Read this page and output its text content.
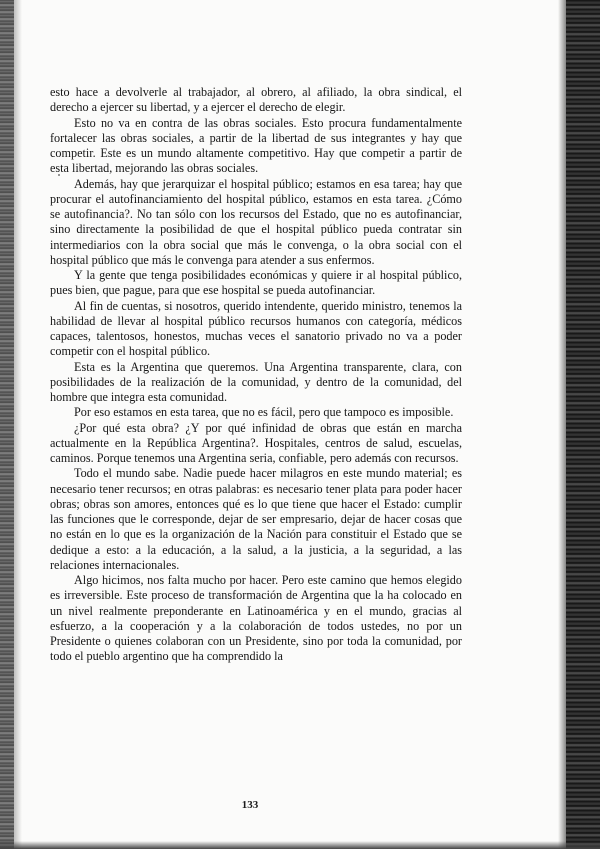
esto hace a devolverle al trabajador, al obrero, al afiliado, la obra sindical, el derecho a ejercer su libertad, y a ejercer el derecho de elegir.

Esto no va en contra de las obras sociales. Esto procura fundamentalmente fortalecer las obras sociales, a partir de la libertad de sus integrantes y hay que competir. Este es un mundo altamente competitivo. Hay que competir a partir de esta libertad, mejorando las obras sociales.

Además, hay que jerarquizar el hospital público; estamos en esa tarea; hay que procurar el autofinanciamiento del hospital público, estamos en esta tarea. ¿Cómo se autofinancia?. No tan sólo con los recursos del Estado, que no es autofinanciar, sino directamente la posibilidad de que el hospital público pueda contratar sin intermediarios con la obra social que más le convenga, o la obra social con el hospital público que más le convenga para atender a sus enfermos.

Y la gente que tenga posibilidades económicas y quiere ir al hospital público, pues bien, que pague, para que ese hospital se pueda autofinanciar.

Al fin de cuentas, si nosotros, querido intendente, querido ministro, tenemos la habilidad de llevar al hospital público recursos humanos con categoría, médicos capaces, talentosos, honestos, muchas veces el sanatorio privado no va a poder competir con el hospital público.

Esta es la Argentina que queremos. Una Argentina transparente, clara, con posibilidades de la realización de la comunidad, y dentro de la comunidad, del hombre que integra esta comunidad.

Por eso estamos en esta tarea, que no es fácil, pero que tampoco es imposible.

¿Por qué esta obra? ¿Y por qué infinidad de obras que están en marcha actualmente en la República Argentina?. Hospitales, centros de salud, escuelas, caminos. Porque tenemos una Argentina seria, confiable, pero además con recursos.

Todo el mundo sabe. Nadie puede hacer milagros en este mundo material; es necesario tener recursos; en otras palabras: es necesario tener plata para poder hacer obras; obras son amores, entonces qué es lo que tiene que hacer el Estado: cumplir las funciones que le corresponde, dejar de ser empresario, dejar de hacer cosas que no están en lo que es la organización de la Nación para constituir el Estado que se dedique a esto: a la educación, a la salud, a la justicia, a la seguridad, a las relaciones internacionales.

Algo hicimos, nos falta mucho por hacer. Pero este camino que hemos elegido es irreversible. Este proceso de transformación de Argentina que la ha colocado en un nivel realmente preponderante en Latinoamérica y en el mundo, gracias al esfuerzo, a la cooperación y a la colaboración de todos ustedes, no por un Presidente o quienes colaboran con un Presidente, sino por toda la comunidad, por todo el pueblo argentino que ha comprendido la

133
